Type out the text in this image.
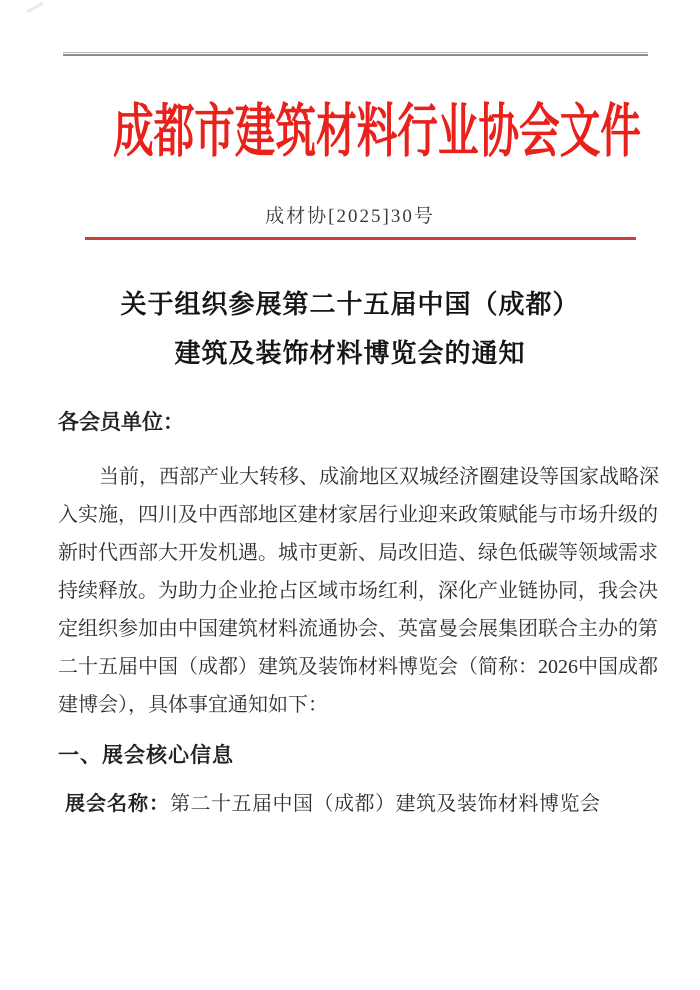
成都市建筑材料行业协会文件
成材协[2025]30号
关于组织参展第二十五届中国（成都）
建筑及装饰材料博览会的通知
各会员单位：
当前，西部产业大转移、成渝地区双城经济圈建设等国家战略深
入实施，四川及中西部地区建材家居行业迎来政策赋能与市场升级的
新时代西部大开发机遇。城市更新、局改旧造、绿色低碳等领域需求
持续释放。为助力企业抢占区域市场红利，深化产业链协同，我会决
定组织参加由中国建筑材料流通协会、英富曼会展集团联合主办的第
二十五届中国（成都）建筑及装饰材料博览会（简称：2026中国成都
建博会），具体事宜通知如下：
一、展会核心信息
展会名称：第二十五届中国（成都）建筑及装饰材料博览会
